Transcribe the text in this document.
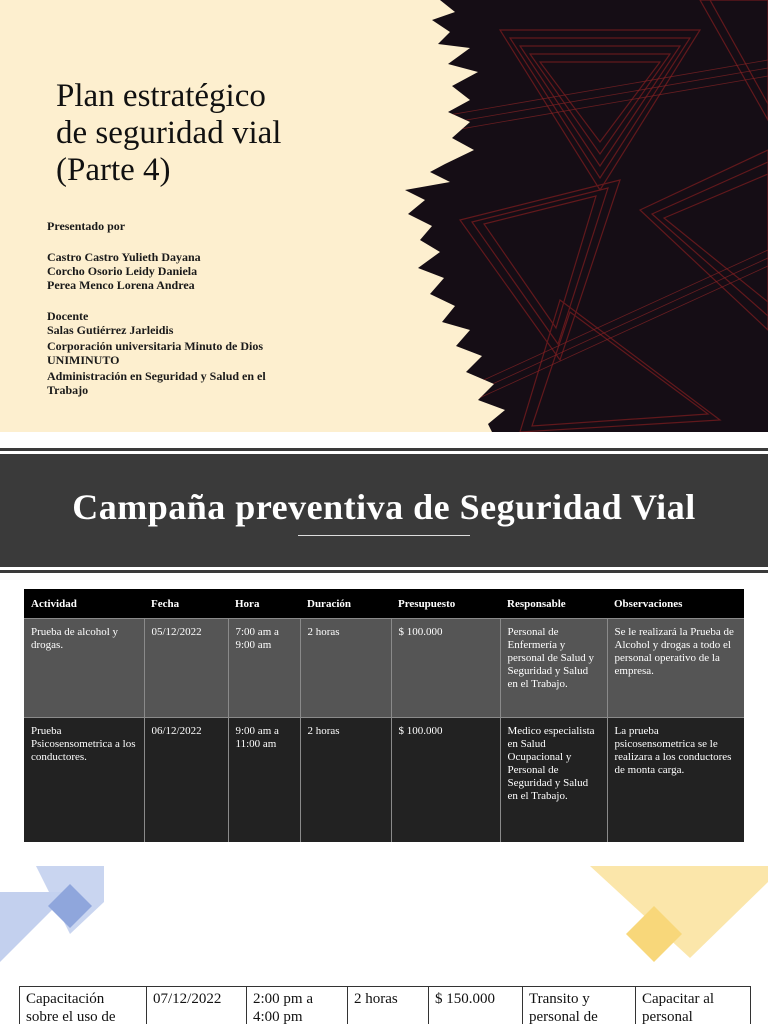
Plan estratégico
de seguridad vial
(Parte 4)
Presentado por
Castro Castro Yulieth Dayana
Corcho Osorio Leidy Daniela
Perea Menco Lorena Andrea
Docente
Salas Gutiérrez Jarleidis
Corporación universitaria Minuto de Dios
UNIMINUTO
Administración en Seguridad y Salud en el
Trabajo
Campaña preventiva de Seguridad Vial
Actividad	Fecha	Hora	Duración	Presupuesto	Responsable	Observaciones
Prueba de alcohol y drogas.	05/12/2022	7:00 am a 9:00 am	2 horas	$ 100.000	Personal de Enfermería y personal de Salud y Seguridad y Salud en el Trabajo.	Se le realizará la Prueba de Alcohol y drogas a todo el personal operativo de la empresa.
Prueba Psicosensometrica a los conductores.	06/12/2022	9:00 am a 11:00 am	2 horas	$ 100.000	Medico especialista en Salud Ocupacional y Personal de Seguridad y Salud en el Trabajo.	La prueba psicosensometrica se le realizara a los conductores de monta carga.
Capacitación sobre el uso de	07/12/2022	2:00 pm a 4:00 pm	2 horas	$ 150.000	Transito y personal de	Capacitar al personal
